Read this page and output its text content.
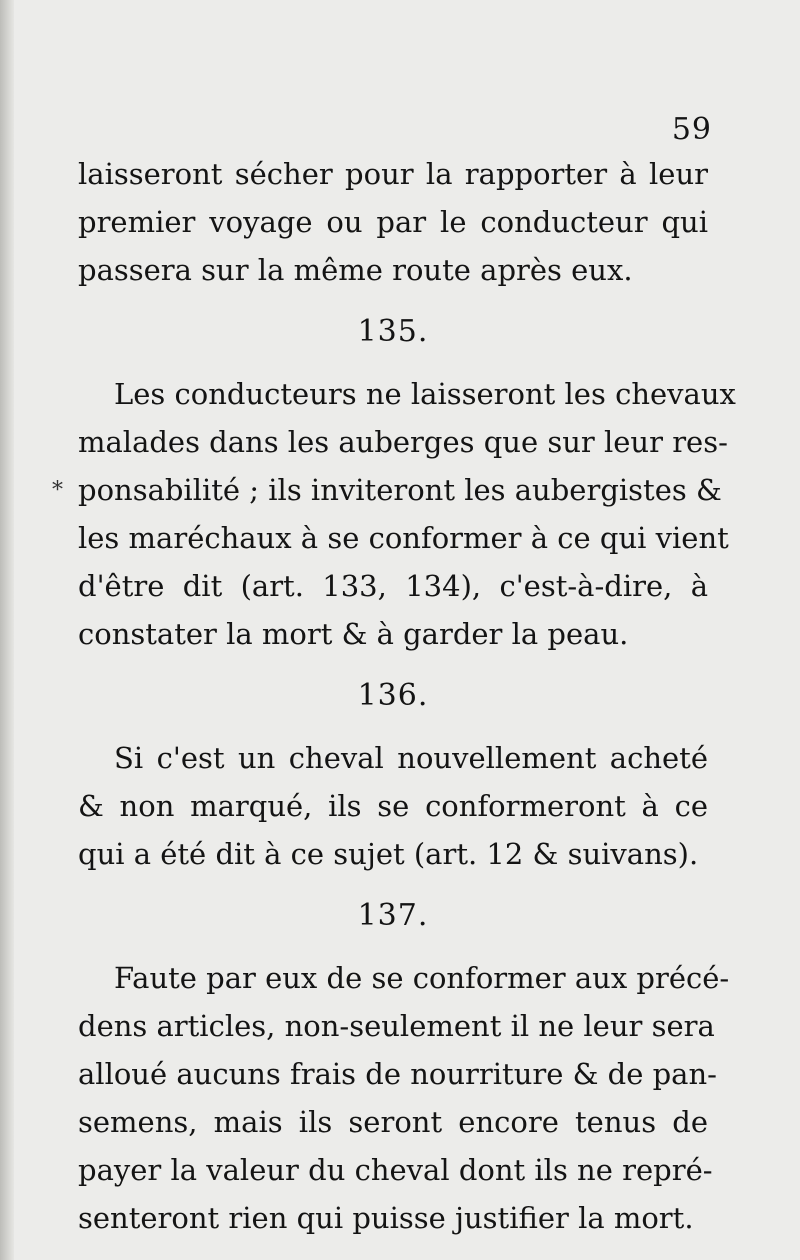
59
laisseront sécher pour la rapporter à leur
premier voyage ou par le conducteur qui
passera sur la même route après eux.
135.
Les conducteurs ne laisseront les chevaux
malades dans les auberges que sur leur res-
ponsabilité ; ils inviteront les aubergistes &
les maréchaux à se conformer à ce qui vient
d'être dit (art. 133, 134), c'est-à-dire, à
constater la mort & à garder la peau.
136.
Si c'est un cheval nouvellement acheté
& non marqué, ils se conformeront à ce
qui a été dit à ce sujet (art. 12 & suivans).
137.
Faute par eux de se conformer aux précé-
dens articles, non-seulement il ne leur sera
alloué aucuns frais de nourriture & de pan-
semens, mais ils seront encore tenus de
payer la valeur du cheval dont ils ne repré-
senteront rien qui puisse justifier la mort.
*
